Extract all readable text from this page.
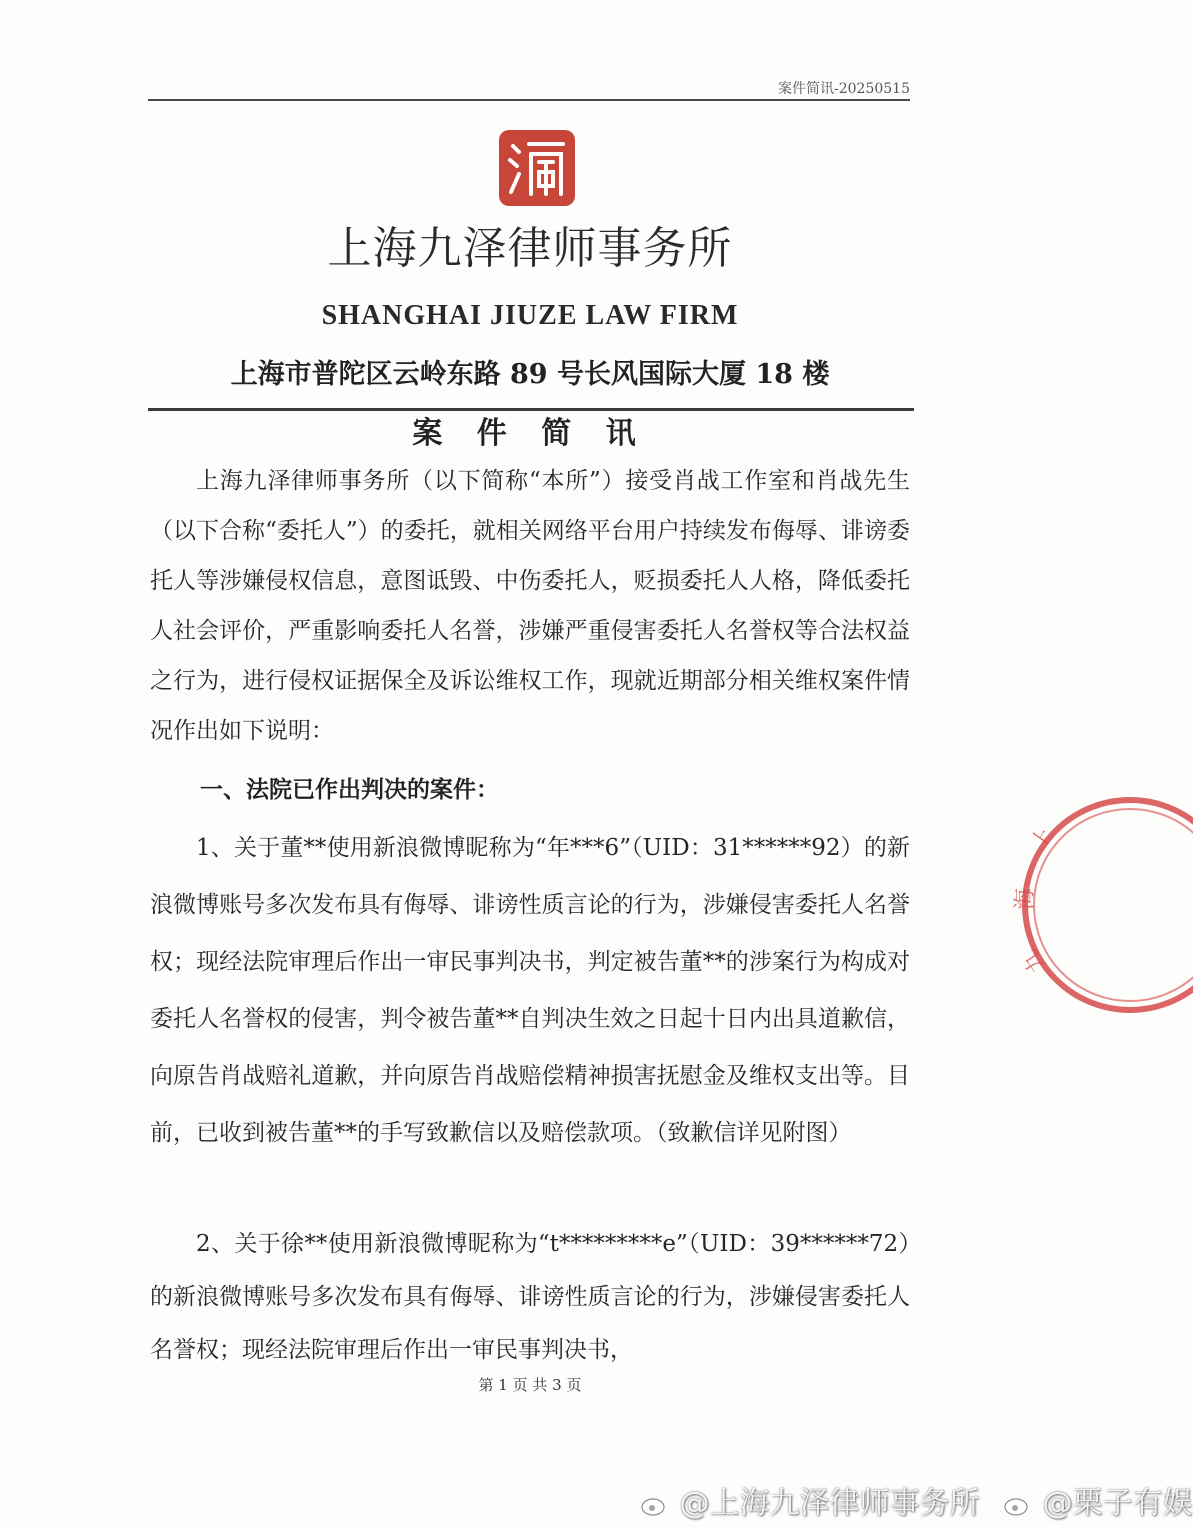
案件简讯-20250515
上海九泽律师事务所
SHANGHAI JIUZE LAW FIRM
上海市普陀区云岭东路 89 号长风国际大厦 18 楼
案 件 简 讯

上海九泽律师事务所（以下简称“本所”）接受肖战工作室和肖战先生（以下合称“委托人”）的委托，就相关网络平台用户持续发布侮辱、诽谤委托人等涉嫌侵权信息，意图诋毁、中伤委托人，贬损委托人人格，降低委托人社会评价，严重影响委托人名誉，涉嫌严重侵害委托人名誉权等合法权益之行为，进行侵权证据保全及诉讼维权工作，现就近期部分相关维权案件情况作出如下说明：

一、法院已作出判决的案件：

1、关于董**使用新浪微博昵称为“年***6”（UID：31******92）的新浪微博账号多次发布具有侮辱、诽谤性质言论的行为，涉嫌侵害委托人名誉权；现经法院审理后作出一审民事判决书，判定被告董**的涉案行为构成对委托人名誉权的侵害，判令被告董**自判决生效之日起十日内出具道歉信，向原告肖战赔礼道歉，并向原告肖战赔偿精神损害抚慰金及维权支出等。目前，已收到被告董**的手写致歉信以及赔偿款项。（致歉信详见附图）

2、关于徐**使用新浪微博昵称为“t*********e”（UID：39******72）的新浪微博账号多次发布具有侮辱、诽谤性质言论的行为，涉嫌侵害委托人名誉权；现经法院审理后作出一审民事判决书，

第 1 页 共 3 页
上
海
九
@上海九泽律师事务所 @栗子有娱
